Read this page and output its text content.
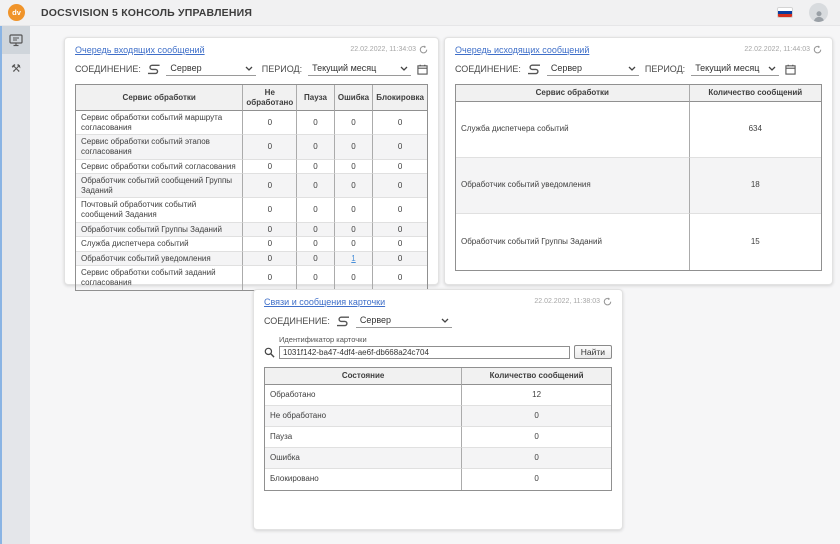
dv	DOCSVISION 5 КОНСОЛЬ УПРАВЛЕНИЯ
⚒
Очередь входящих сообщений	22.02.2022, 11:34:03
СОЕДИНЕНИЕ:	Сервер	ПЕРИОД: Текущий месяц
Сервис обработки	Не обработано	Пауза	Ошибка	Блокировка
Сервис обработки событий маршрута согласования	0	0	0	0
Сервис обработки событий этапов согласования	0	0	0	0
Сервис обработки событий согласования	0	0	0	0
Обработчик событий сообщений Группы Заданий	0	0	0	0
Почтовый обработчик событий сообщений Задания	0	0	0	0
Обработчик событий Группы Заданий	0	0	0	0
Служба диспетчера событий	0	0	0	0
Обработчик событий уведомления	0	0	1	0
Сервис обработки событий заданий согласования	0	0	0	0
Очередь исходящих сообщений	22.02.2022, 11:44:03
СОЕДИНЕНИЕ:	Сервер	ПЕРИОД: Текущий месяц
Сервис обработки	Количество сообщений
Служба диспетчера событий	634
Обработчик событий уведомления	18
Обработчик событий Группы Заданий	15
Связи и сообщения карточки	22.02.2022, 11:38:03
СОЕДИНЕНИЕ:	Сервер
Идентификатор карточки
1031f142-ba47-4df4-ae6f-db668a24c704
Найти
Состояние	Количество сообщений
Обработано	12
Не обработано	0
Пауза	0
Ошибка	0
Блокировано	0
